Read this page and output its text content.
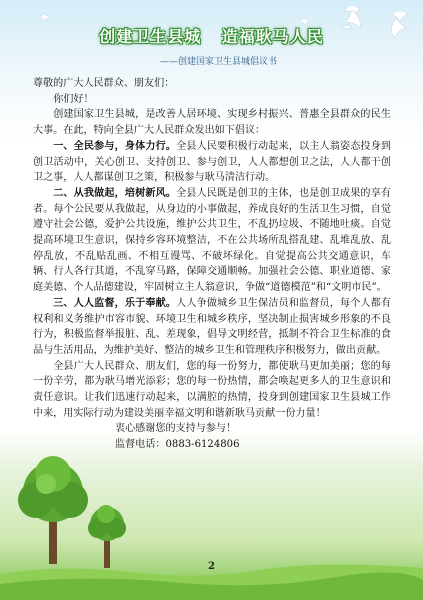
创建卫生县城 造福耿马人民
——创建国家卫生县城倡议书

尊敬的广大人民群众、朋友们：

你们好！

创建国家卫生县城，是改善人居环境、实现乡村振兴、普惠全县群众的民生大事。在此，特向全县广大人民群众发出如下倡议：

一、全民参与，身体力行。全县人民要积极行动起来，以主人翁姿态投身到创卫活动中，关心创卫、支持创卫、参与创卫，人人都想创卫之法，人人都干创卫之事，人人都谋创卫之策，积极参与耿马清洁行动。

二、从我做起，培树新风。全县人民既是创卫的主体，也是创卫成果的享有者。每个公民要从我做起，从身边的小事做起，养成良好的生活卫生习惯，自觉遵守社会公德，爱护公共设施，维护公共卫生，不乱扔垃圾、不随地吐痰。自觉提高环境卫生意识，保持乡容环境整洁，不在公共场所乱搭乱建、乱堆乱放、乱停乱放，不乱贴乱画、不相互谩骂、不破坏绿化。自觉提高公共交通意识，车辆、行人各行其道，不乱穿马路，保障交通顺畅。加强社会公德、职业道德、家庭美德、个人品德建设，牢固树立主人翁意识，争做“道德模范”和“文明市民”。

三、人人监督，乐于奉献。人人争做城乡卫生保洁员和监督员，每个人都有权利和义务维护市容市貌、环境卫生和城乡秩序，坚决制止损害城乡形象的不良行为，积极监督举报脏、乱、差现象，倡导文明经营，抵制不符合卫生标准的食品与生活用品，为维护美好、整洁的城乡卫生和管理秩序积极努力，做出贡献。

全县广大人民群众、朋友们，您的每一份努力，都使耿马更加美丽；您的每一份辛劳，都为耿马增光添彩；您的每一份热情，都会唤起更多人的卫生意识和责任意识。让我们迅速行动起来，以满腔的热情，投身到创建国家卫生县城工作中来，用实际行动为建设美丽幸福文明和谐新耿马贡献一份力量！

衷心感谢您的支持与参与！

监督电话：0883-6124806

2
